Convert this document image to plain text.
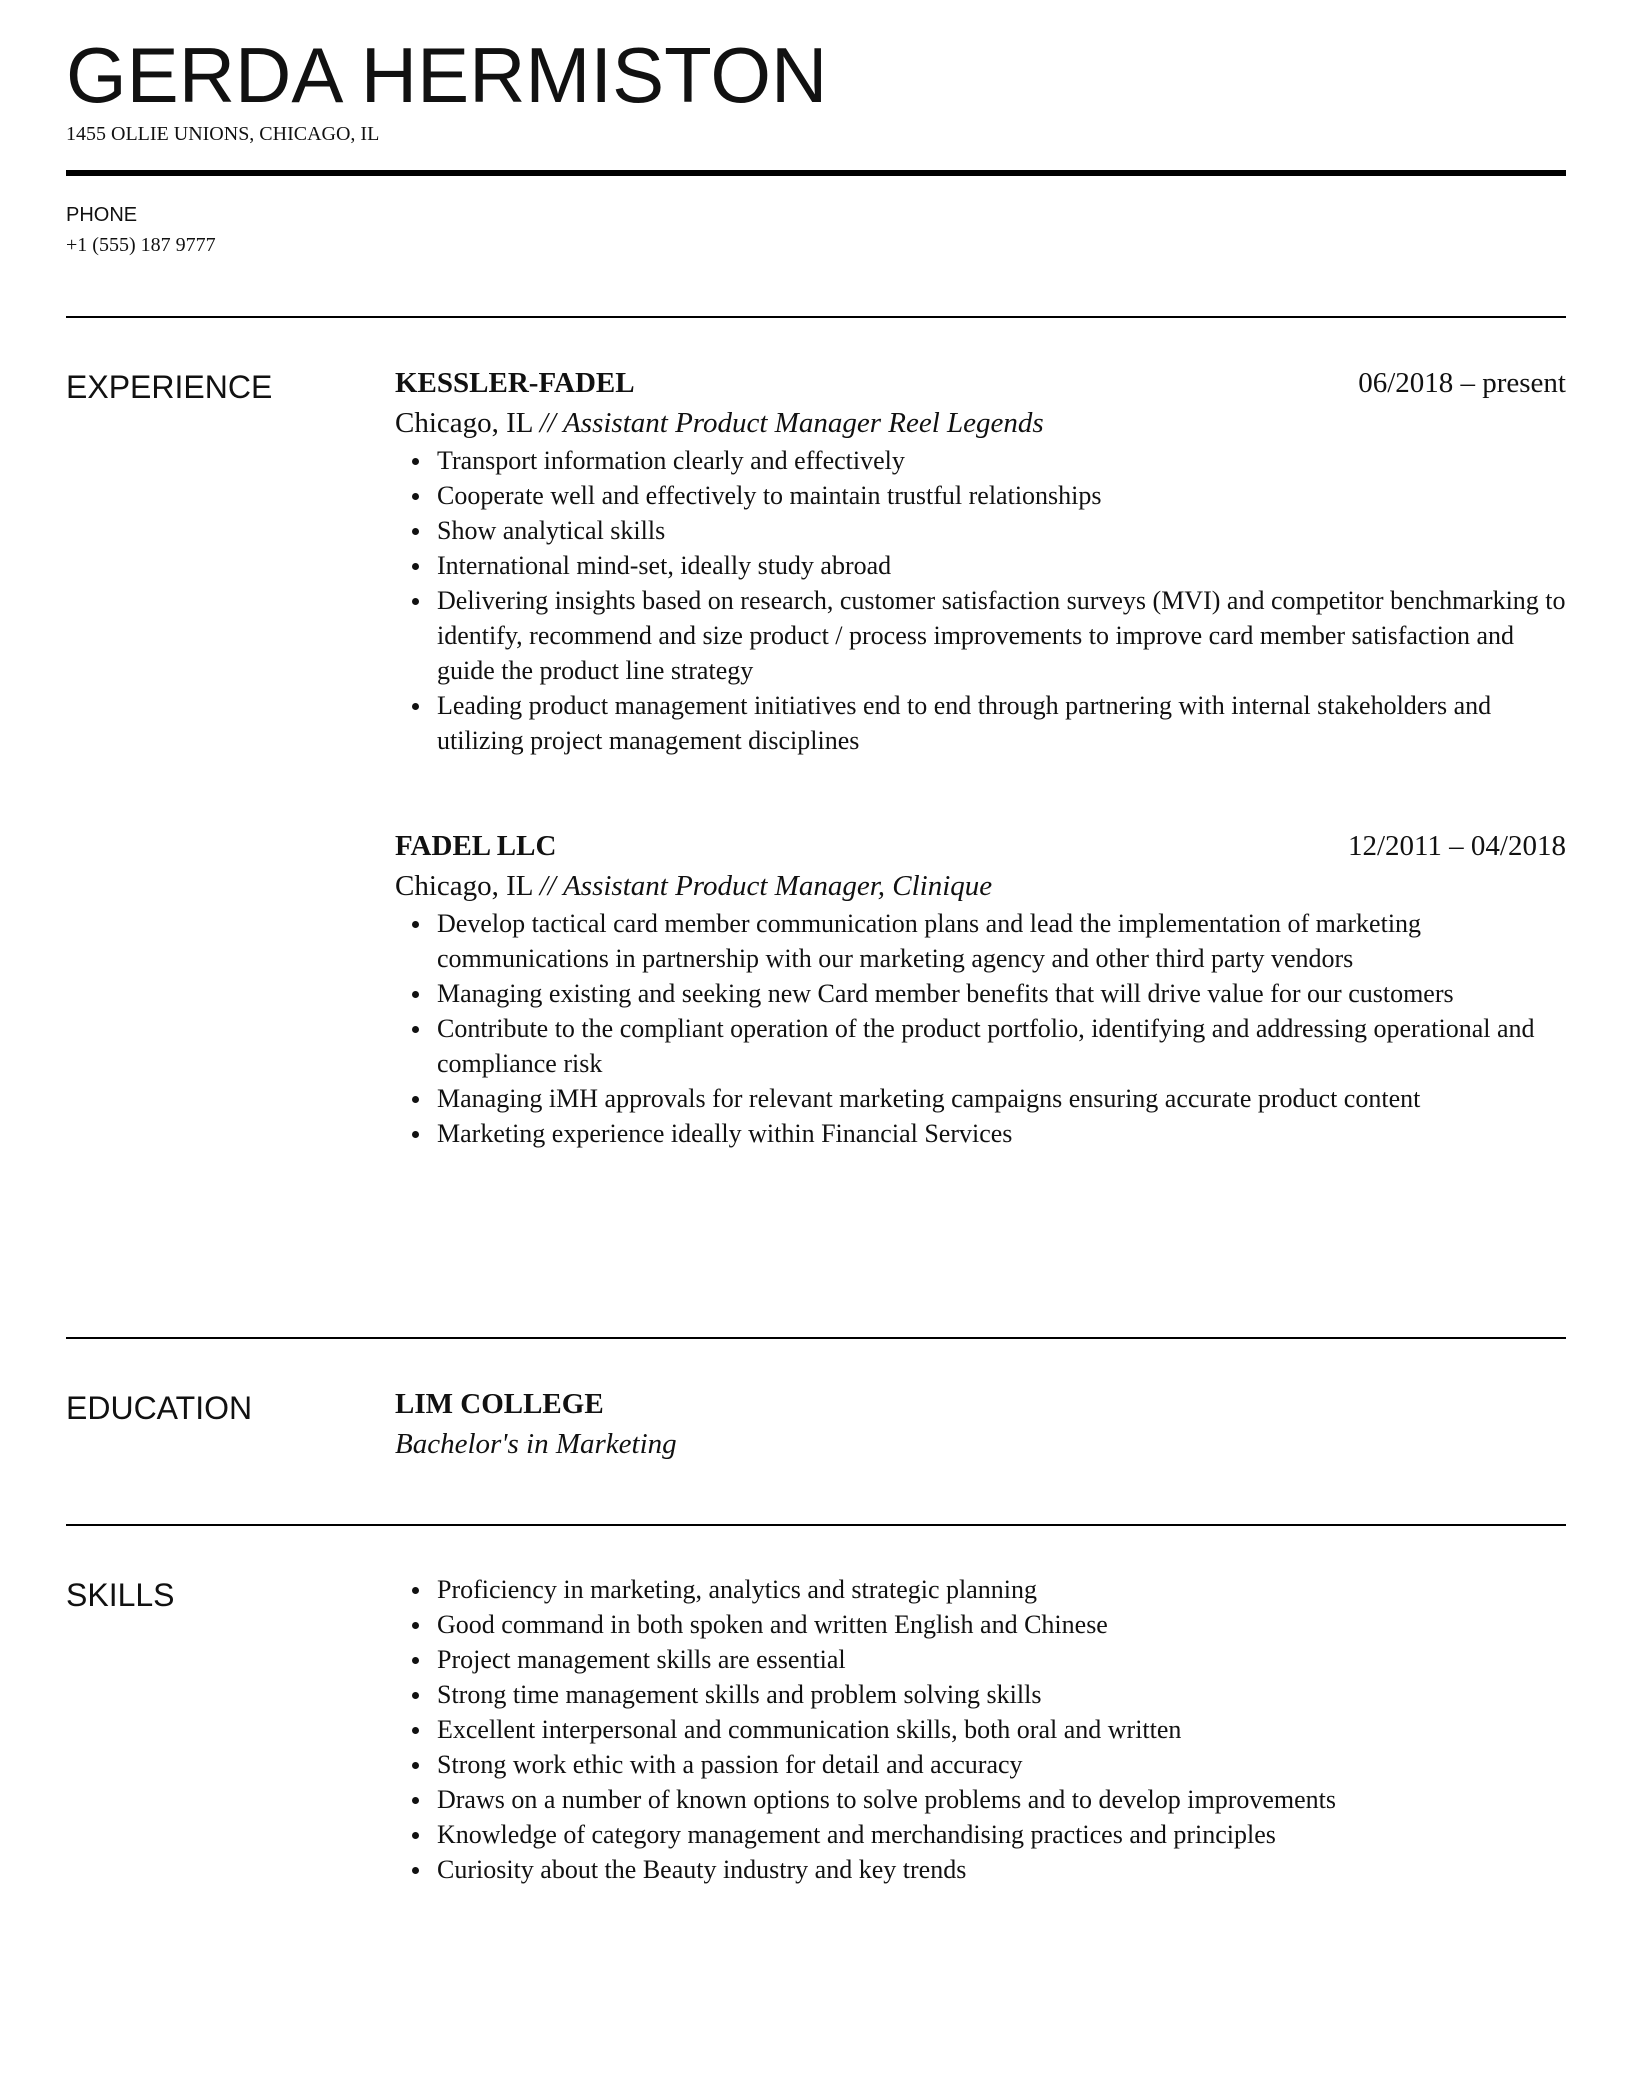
GERDA HERMISTON
1455 OLLIE UNIONS, CHICAGO, IL
PHONE
+1 (555) 187 9777
EXPERIENCE	KESSLER-FADEL	06/2018 – present
Chicago, IL // Assistant Product Manager Reel Legends
Transport information clearly and effectively
Cooperate well and effectively to maintain trustful relationships
Show analytical skills
International mind-set, ideally study abroad
Delivering insights based on research, customer satisfaction surveys (MVI) and competitor benchmarking to identify, recommend and size product / process improvements to improve card member satisfaction and guide the product line strategy
Leading product management initiatives end to end through partnering with internal stakeholders and utilizing project management disciplines
FADEL LLC	12/2011 – 04/2018
Chicago, IL // Assistant Product Manager, Clinique
Develop tactical card member communication plans and lead the implementation of marketing communications in partnership with our marketing agency and other third party vendors
Managing existing and seeking new Card member benefits that will drive value for our customers
Contribute to the compliant operation of the product portfolio, identifying and addressing operational and compliance risk
Managing iMH approvals for relevant marketing campaigns ensuring accurate product content
Marketing experience ideally within Financial Services
EDUCATION	LIM COLLEGE
Bachelor's in Marketing
SKILLS	Proficiency in marketing, analytics and strategic planning
Good command in both spoken and written English and Chinese
Project management skills are essential
Strong time management skills and problem solving skills
Excellent interpersonal and communication skills, both oral and written
Strong work ethic with a passion for detail and accuracy
Draws on a number of known options to solve problems and to develop improvements
Knowledge of category management and merchandising practices and principles
Curiosity about the Beauty industry and key trends
